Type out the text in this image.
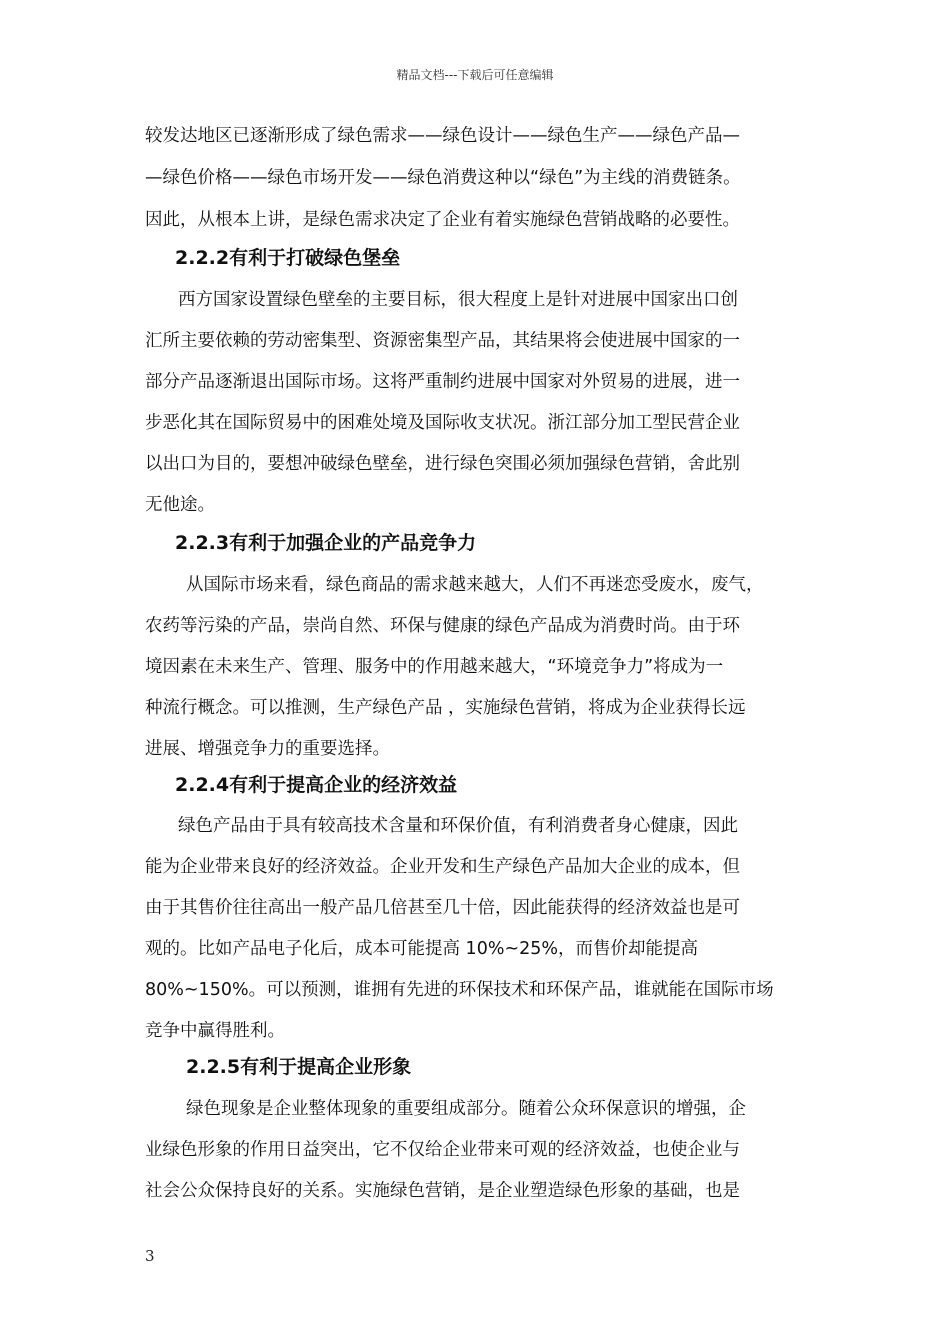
精品文档---下载后可任意编辑
较发达地区已逐渐形成了绿色需求——绿色设计——绿色生产——绿色产品—
—绿色价格——绿色市场开发——绿色消费这种以“绿色”为主线的消费链条。
因此，从根本上讲，是绿色需求决定了企业有着实施绿色营销战略的必要性。
2.2.2有利于打破绿色堡垒
西方国家设置绿色壁垒的主要目标，很大程度上是针对进展中国家出口创
汇所主要依赖的劳动密集型、资源密集型产品，其结果将会使进展中国家的一
部分产品逐渐退出国际市场。这将严重制约进展中国家对外贸易的进展，进一
步恶化其在国际贸易中的困难处境及国际收支状况。浙江部分加工型民营企业
以出口为目的，要想冲破绿色壁垒，进行绿色突围必须加强绿色营销，舍此别
无他途。
2.2.3有利于加强企业的产品竞争力
从国际市场来看，绿色商品的需求越来越大，人们不再迷恋受废水，废气，
农药等污染的产品，崇尚自然、环保与健康的绿色产品成为消费时尚。由于环
境因素在未来生产、管理、服务中的作用越来越大，“环境竞争力”将成为一
种流行概念。可以推测，生产绿色产品 ，实施绿色营销，将成为企业获得长远
进展、增强竞争力的重要选择。
2.2.4有利于提高企业的经济效益
绿色产品由于具有较高技术含量和环保价值，有利消费者身心健康，因此
能为企业带来良好的经济效益。企业开发和生产绿色产品加大企业的成本，但
由于其售价往往高出一般产品几倍甚至几十倍，因此能获得的经济效益也是可
观的。比如产品电子化后，成本可能提高 10%~25%，而售价却能提高
80%~150%。可以预测，谁拥有先进的环保技术和环保产品，谁就能在国际市场
竞争中赢得胜利。
2.2.5有利于提高企业形象
绿色现象是企业整体现象的重要组成部分。随着公众环保意识的增强，企
业绿色形象的作用日益突出，它不仅给企业带来可观的经济效益，也使企业与
社会公众保持良好的关系。实施绿色营销，是企业塑造绿色形象的基础，也是
3
